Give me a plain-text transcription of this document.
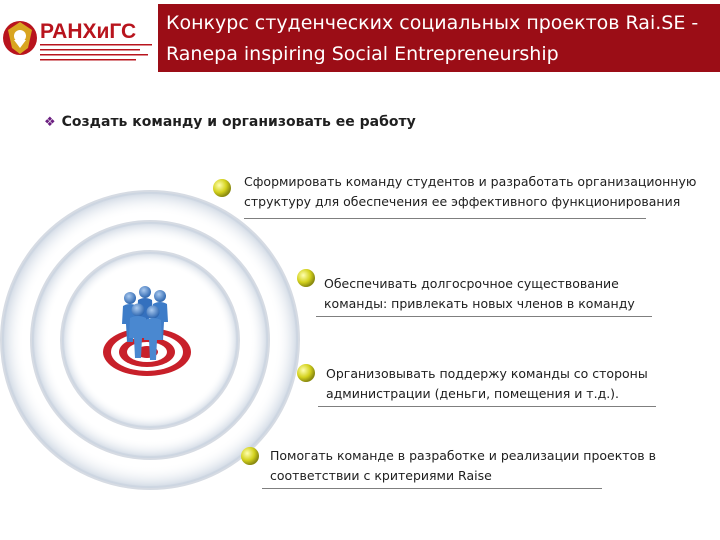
РАНХиГС Конкурс студенческих социальных проектов Rai.SE -
Ranepa inspiring Social Entrepreneurship
❖ Создать команду и организовать ее работу
Сформировать команду студентов и разработать организационную
структуру для обеспечения ее эффективного функционирования
Обеспечивать долгосрочное существование
команды: привлекать новых членов в команду
Организовывать поддержу команды со стороны
администрации (деньги, помещения и т.д.).
Помогать команде в разработке и реализации проектов в
соответствии с критериями Raise
